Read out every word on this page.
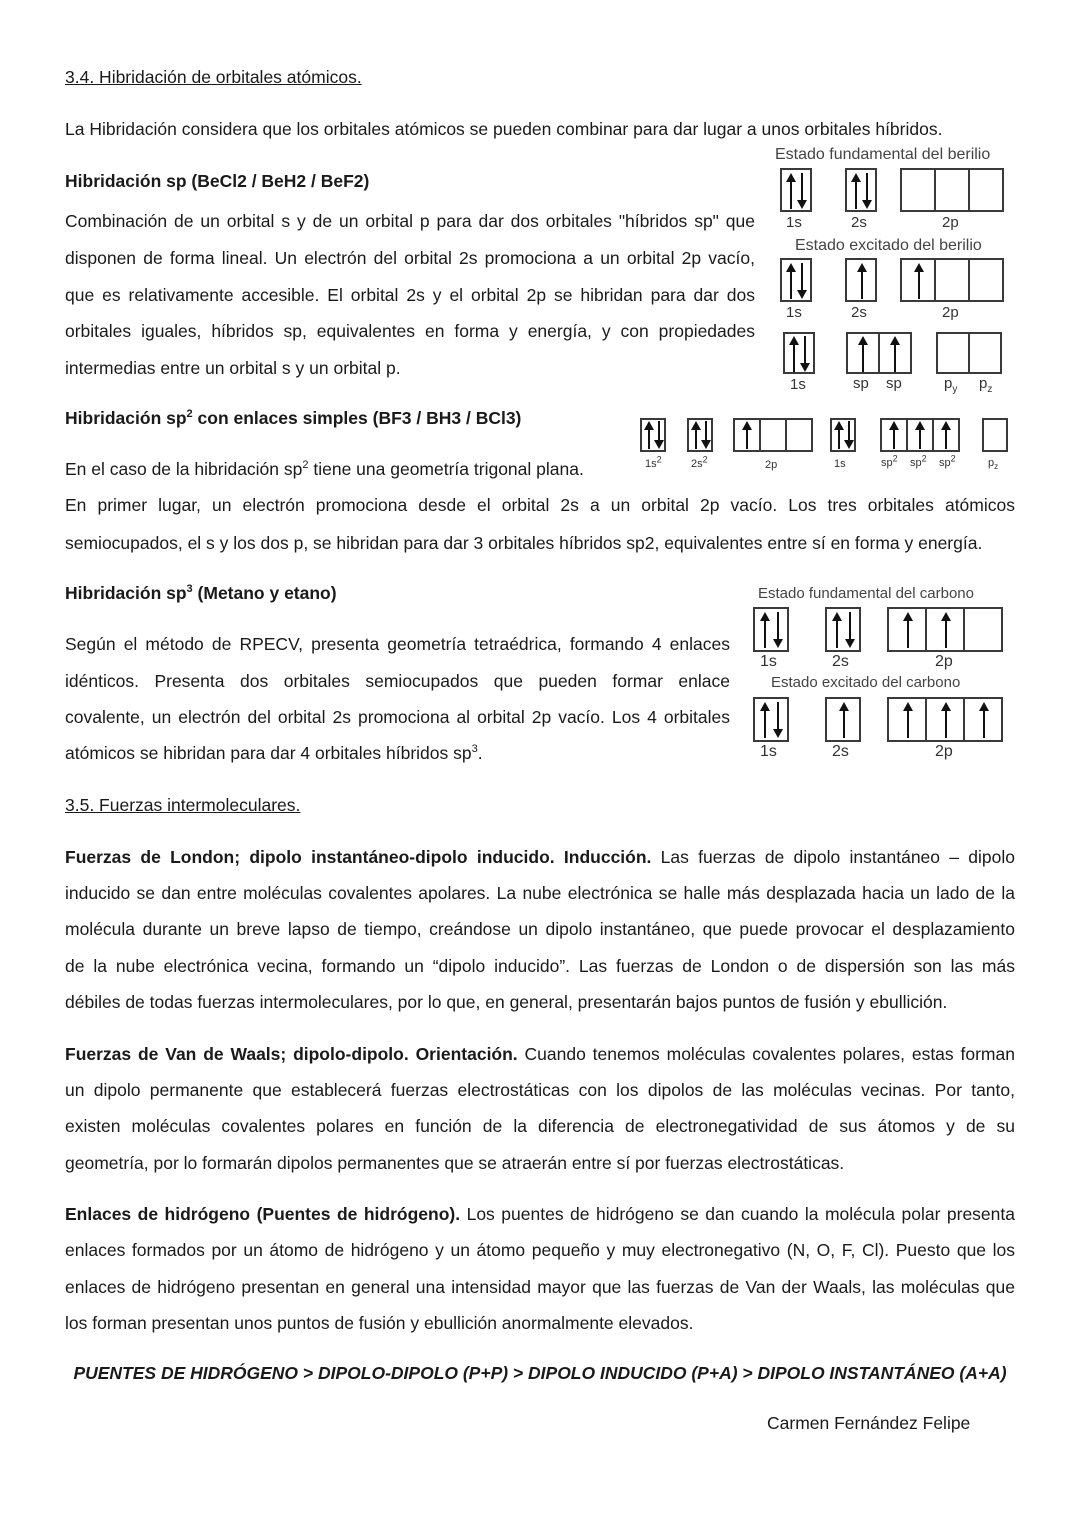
3.4. Hibridación de orbitales atómicos.
La Hibridación considera que los orbitales atómicos se pueden combinar para dar lugar a unos orbitales híbridos.
Hibridación sp (BeCl2 / BeH2 / BeF2)
Combinación de un orbital s y de un orbital p para dar dos orbitales "híbridos sp" que
disponen de forma lineal. Un electrón del orbital 2s promociona a un orbital 2p vacío,
que es relativamente accesible. El orbital 2s y el orbital 2p se hibridan para dar dos
orbitales iguales, híbridos sp, equivalentes en forma y energía, y con propiedades
intermedias entre un orbital s y un orbital p.
Estado fundamental del berilio
1s	2s	2p
Estado excitado del berilio
1s	2s	2p
1s	sp sp	$p_y$ $p_z$
Hibridación $sp^2$ con enlaces simples (BF3 / BH3 / BCl3)
En el caso de la hibridación $sp^2$ tiene una geometría trigonal plana.
En primer lugar, un electrón promociona desde el orbital 2s a un orbital 2p vacío. Los tres orbitales atómicos
semiocupados, el s y los dos p, se hibridan para dar 3 orbitales híbridos sp2, equivalentes entre sí en forma y energía.
$1s^2$	$2s^2$	2p	1s	$sp^2$ $sp^2$ $sp^2$	$p_z$
Hibridación $sp^3$ (Metano y etano)
Según el método de RPECV, presenta geometría tetraédrica, formando 4 enlaces
idénticos. Presenta dos orbitales semiocupados que pueden formar enlace
covalente, un electrón del orbital 2s promociona al orbital 2p vacío. Los 4 orbitales
atómicos se hibridan para dar 4 orbitales híbridos $sp^3$.
Estado fundamental del carbono
1s	2s	2p
Estado excitado del carbono
1s	2s	2p
3.5. Fuerzas intermoleculares.
Fuerzas de London; dipolo instantáneo-dipolo inducido. Inducción. Las fuerzas de dipolo instantáneo – dipolo
inducido se dan entre moléculas covalentes apolares. La nube electrónica se halle más desplazada hacia un lado de la
molécula durante un breve lapso de tiempo, creándose un dipolo instantáneo, que puede provocar el desplazamiento
de la nube electrónica vecina, formando un “dipolo inducido”. Las fuerzas de London o de dispersión son las más
débiles de todas fuerzas intermoleculares, por lo que, en general, presentarán bajos puntos de fusión y ebullición.
Fuerzas de Van de Waals; dipolo-dipolo. Orientación. Cuando tenemos moléculas covalentes polares, estas forman
un dipolo permanente que establecerá fuerzas electrostáticas con los dipolos de las moléculas vecinas. Por tanto,
existen moléculas covalentes polares en función de la diferencia de electronegatividad de sus átomos y de su
geometría, por lo formarán dipolos permanentes que se atraerán entre sí por fuerzas electrostáticas.
Enlaces de hidrógeno (Puentes de hidrógeno). Los puentes de hidrógeno se dan cuando la molécula polar presenta
enlaces formados por un átomo de hidrógeno y un átomo pequeño y muy electronegativo (N, O, F, Cl). Puesto que los
enlaces de hidrógeno presentan en general una intensidad mayor que las fuerzas de Van der Waals, las moléculas que
los forman presentan unos puntos de fusión y ebullición anormalmente elevados.
PUENTES DE HIDRÓGENO > DIPOLO-DIPOLO (P+P) > DIPOLO INDUCIDO (P+A) > DIPOLO INSTANTÁNEO (A+A)
Carmen Fernández Felipe
